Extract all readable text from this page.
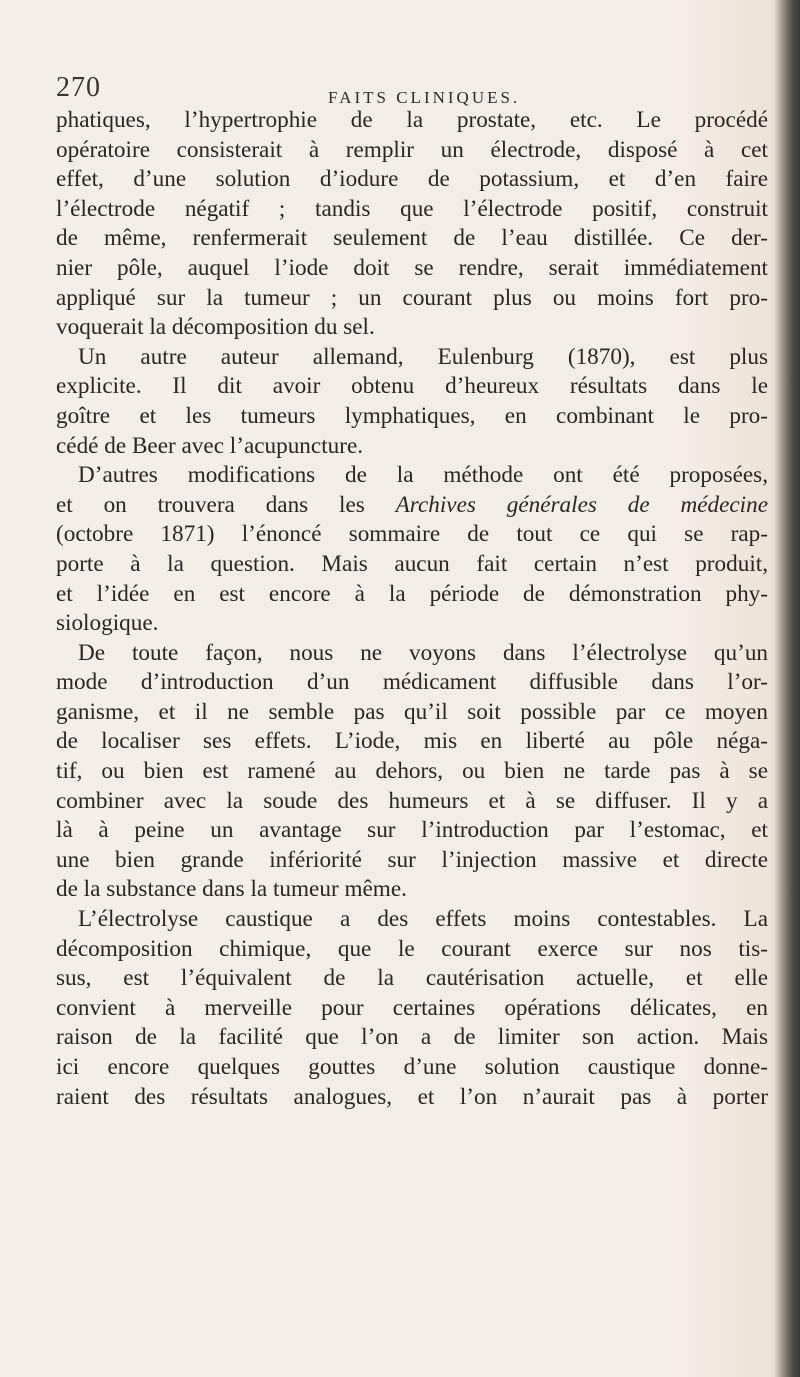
270	FAITS CLINIQUES.
phatiques, l’hypertrophie de la prostate, etc. Le procédé
opératoire consisterait à remplir un électrode, disposé à cet
effet, d’une solution d’iodure de potassium, et d’en faire
l’électrode négatif ; tandis que l’électrode positif, construit
de même, renfermerait seulement de l’eau distillée. Ce der-
nier pôle, auquel l’iode doit se rendre, serait immédiatement
appliqué sur la tumeur ; un courant plus ou moins fort pro-
voquerait la décomposition du sel.
Un autre auteur allemand, Eulenburg (1870), est plus
explicite. Il dit avoir obtenu d’heureux résultats dans le
goître et les tumeurs lymphatiques, en combinant le pro-
cédé de Beer avec l’acupuncture.
D’autres modifications de la méthode ont été proposées,
et on trouvera dans les Archives générales de médecine
(octobre 1871) l’énoncé sommaire de tout ce qui se rap-
porte à la question. Mais aucun fait certain n’est produit,
et l’idée en est encore à la période de démonstration phy-
siologique.
De toute façon, nous ne voyons dans l’électrolyse qu’un
mode d’introduction d’un médicament diffusible dans l’or-
ganisme, et il ne semble pas qu’il soit possible par ce moyen
de localiser ses effets. L’iode, mis en liberté au pôle néga-
tif, ou bien est ramené au dehors, ou bien ne tarde pas à se
combiner avec la soude des humeurs et à se diffuser. Il y a
là à peine un avantage sur l’introduction par l’estomac, et
une bien grande infériorité sur l’injection massive et directe
de la substance dans la tumeur même.
L’électrolyse caustique a des effets moins contestables. La
décomposition chimique, que le courant exerce sur nos tis-
sus, est l’équivalent de la cautérisation actuelle, et elle
convient à merveille pour certaines opérations délicates, en
raison de la facilité que l’on a de limiter son action. Mais
ici encore quelques gouttes d’une solution caustique donne-
raient des résultats analogues, et l’on n’aurait pas à porter
